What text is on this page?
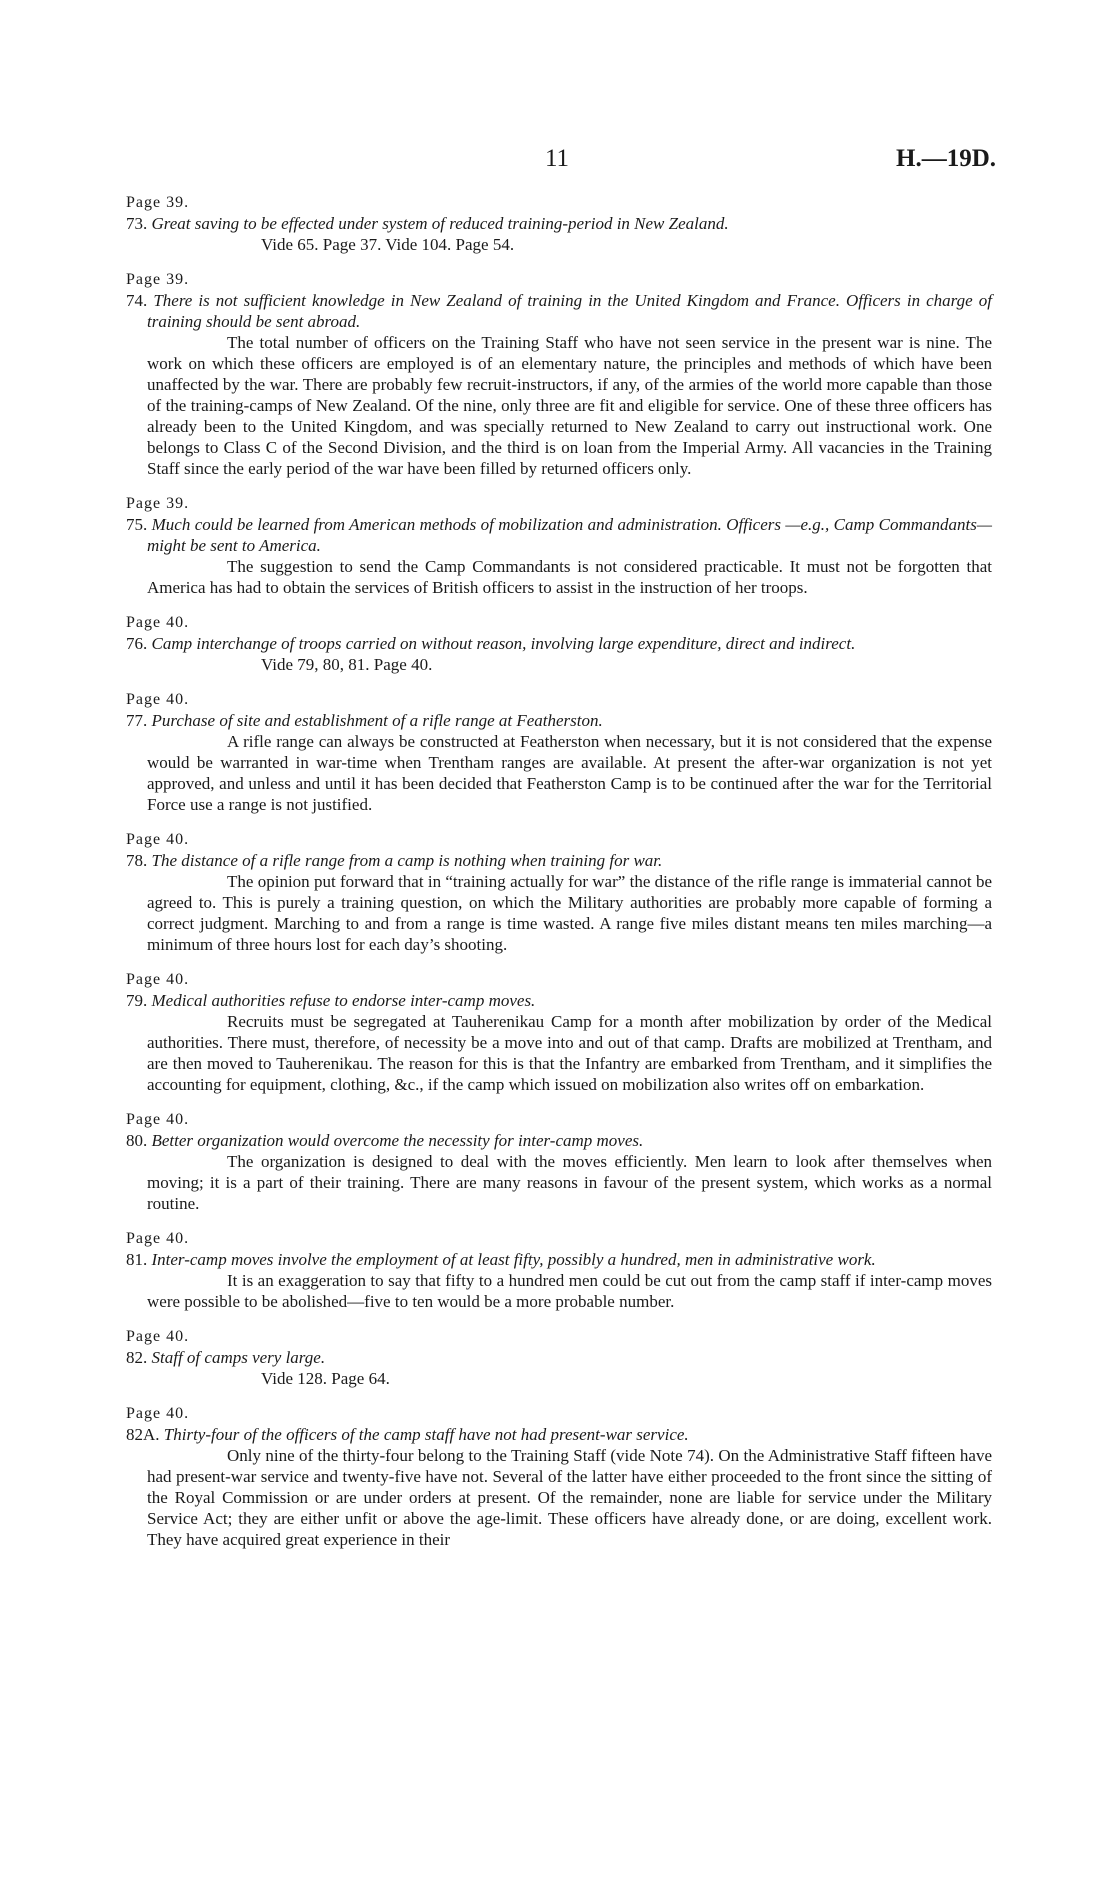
11	H.—19D.

Page 39.

73. Great saving to be effected under system of reduced training-period in New Zealand.

Vide 65. Page 37. Vide 104. Page 54.

Page 39.

74. There is not sufficient knowledge in New Zealand of training in the United Kingdom and France. Officers in charge of training should be sent abroad.

The total number of officers on the Training Staff who have not seen service in the present war is nine. The work on which these officers are employed is of an elementary nature, the principles and methods of which have been unaffected by the war. There are probably few recruit-instructors, if any, of the armies of the world more capable than those of the training-camps of New Zealand. Of the nine, only three are fit and eligible for service. One of these three officers has already been to the United Kingdom, and was specially returned to New Zealand to carry out instructional work. One belongs to Class C of the Second Division, and the third is on loan from the Imperial Army. All vacancies in the Training Staff since the early period of the war have been filled by returned officers only.

Page 39.

75. Much could be learned from American methods of mobilization and administration. Officers —e.g., Camp Commandants—might be sent to America.

The suggestion to send the Camp Commandants is not considered practicable. It must not be forgotten that America has had to obtain the services of British officers to assist in the instruction of her troops.

Page 40.

76. Camp interchange of troops carried on without reason, involving large expenditure, direct and indirect.

Vide 79, 80, 81. Page 40.

Page 40.

77. Purchase of site and establishment of a rifle range at Featherston.

A rifle range can always be constructed at Featherston when necessary, but it is not considered that the expense would be warranted in war-time when Trentham ranges are available. At present the after-war organization is not yet approved, and unless and until it has been decided that Featherston Camp is to be continued after the war for the Territorial Force use a range is not justified.

Page 40.

78. The distance of a rifle range from a camp is nothing when training for war.

The opinion put forward that in “training actually for war” the distance of the rifle range is immaterial cannot be agreed to. This is purely a training question, on which the Military authorities are probably more capable of forming a correct judgment. Marching to and from a range is time wasted. A range five miles distant means ten miles marching—a minimum of three hours lost for each day’s shooting.

Page 40.

79. Medical authorities refuse to endorse inter-camp moves.

Recruits must be segregated at Tauherenikau Camp for a month after mobilization by order of the Medical authorities. There must, therefore, of necessity be a move into and out of that camp. Drafts are mobilized at Trentham, and are then moved to Tauherenikau. The reason for this is that the Infantry are embarked from Trentham, and it simplifies the accounting for equipment, clothing, &c., if the camp which issued on mobilization also writes off on embarkation.

Page 40.

80. Better organization would overcome the necessity for inter-camp moves.

The organization is designed to deal with the moves efficiently. Men learn to look after themselves when moving; it is a part of their training. There are many reasons in favour of the present system, which works as a normal routine.

Page 40.

81. Inter-camp moves involve the employment of at least fifty, possibly a hundred, men in administrative work.

It is an exaggeration to say that fifty to a hundred men could be cut out from the camp staff if inter-camp moves were possible to be abolished—five to ten would be a more probable number.

Page 40.

82. Staff of camps very large.

Vide 128. Page 64.

Page 40.

82A. Thirty-four of the officers of the camp staff have not had present-war service.

Only nine of the thirty-four belong to the Training Staff (vide Note 74). On the Administrative Staff fifteen have had present-war service and twenty-five have not. Several of the latter have either proceeded to the front since the sitting of the Royal Commission or are under orders at present. Of the remainder, none are liable for service under the Military Service Act; they are either unfit or above the age-limit. These officers have already done, or are doing, excellent work. They have acquired great experience in their
